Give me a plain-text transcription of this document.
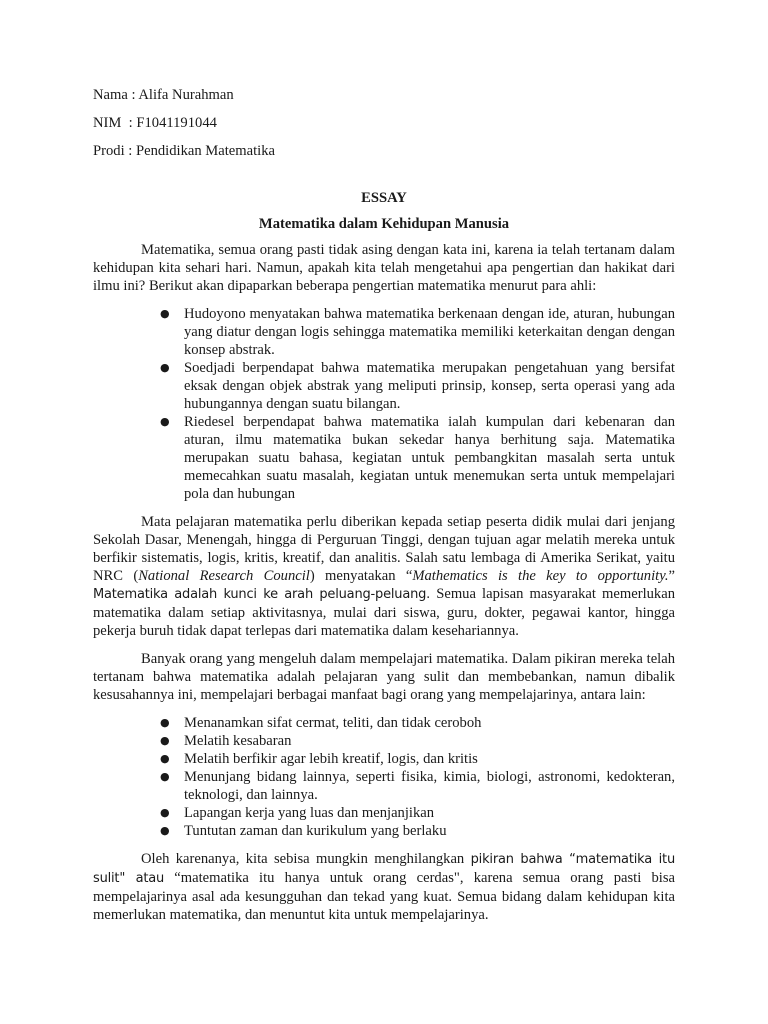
Nama : Alifa Nurahman
NIM  : F1041191044
Prodi : Pendidikan Matematika
ESSAY
Matematika dalam Kehidupan Manusia

Matematika, semua orang pasti tidak asing dengan kata ini, karena ia telah tertanam dalam kehidupan kita sehari hari. Namun, apakah kita telah mengetahui apa pengertian dan hakikat dari ilmu ini? Berikut akan dipaparkan beberapa pengertian matematika menurut para ahli:

● Hudoyono menyatakan bahwa matematika berkenaan dengan ide, aturan, hubungan yang diatur dengan logis sehingga matematika memiliki keterkaitan dengan dengan konsep abstrak.
● Soedjadi berpendapat bahwa matematika merupakan pengetahuan yang bersifat eksak dengan objek abstrak yang meliputi prinsip, konsep, serta operasi yang ada hubungannya dengan suatu bilangan.
● Riedesel berpendapat bahwa matematika ialah kumpulan dari kebenaran dan aturan, ilmu matematika bukan sekedar hanya berhitung saja. Matematika merupakan suatu bahasa, kegiatan untuk pembangkitan masalah serta untuk memecahkan suatu masalah, kegiatan untuk menemukan serta untuk mempelajari pola dan hubungan

Mata pelajaran matematika perlu diberikan kepada setiap peserta didik mulai dari jenjang Sekolah Dasar, Menengah, hingga di Perguruan Tinggi, dengan tujuan agar melatih mereka untuk berfikir sistematis, logis, kritis, kreatif, dan analitis. Salah satu lembaga di Amerika Serikat, yaitu NRC (National Research Council) menyatakan “Mathematics is the key to opportunity.” Matematika adalah kunci ke arah peluang-peluang. Semua lapisan masyarakat memerlukan matematika dalam setiap aktivitasnya, mulai dari siswa, guru, dokter, pegawai kantor, hingga pekerja buruh tidak dapat terlepas dari matematika dalam kesehariannya.

Banyak orang yang mengeluh dalam mempelajari matematika. Dalam pikiran mereka telah tertanam bahwa matematika adalah pelajaran yang sulit dan membebankan, namun dibalik kesusahannya ini, mempelajari berbagai manfaat bagi orang yang mempelajarinya, antara lain:

● Menanamkan sifat cermat, teliti, dan tidak ceroboh
● Melatih kesabaran
● Melatih berfikir agar lebih kreatif, logis, dan kritis
● Menunjang bidang lainnya, seperti fisika, kimia, biologi, astronomi, kedokteran, teknologi, dan lainnya.
● Lapangan kerja yang luas dan menjanjikan
● Tuntutan zaman dan kurikulum yang berlaku

Oleh karenanya, kita sebisa mungkin menghilangkan pikiran bahwa “matematika itu sulit" atau “matematika itu hanya untuk orang cerdas", karena semua orang pasti bisa mempelajarinya asal ada kesungguhan dan tekad yang kuat. Semua bidang dalam kehidupan kita memerlukan matematika, dan menuntut kita untuk mempelajarinya.
